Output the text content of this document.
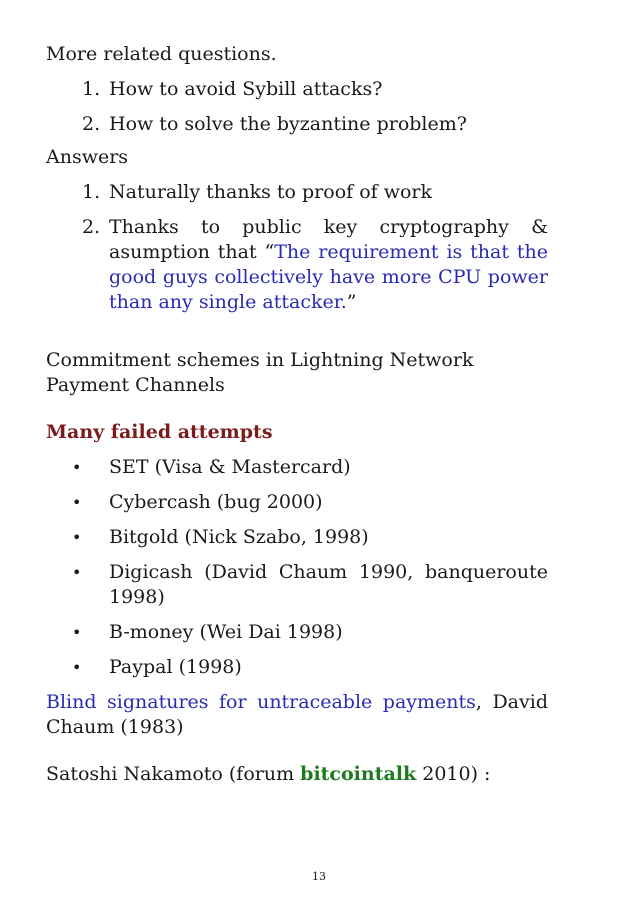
More related questions.

1. How to avoid Sybill attacks?
2. How to solve the byzantine problem?

Answers

1. Naturally thanks to proof of work
2. Thanks to public key cryptography & asumption that “The requirement is that the good guys collectively have more CPU power than any single attacker.”

Commitment schemes in Lightning Network

Payment Channels

Many failed attempts

• SET (Visa & Mastercard)
• Cybercash (bug 2000)
• Bitgold (Nick Szabo, 1998)
• Digicash (David Chaum 1990, banqueroute 1998)
• B-money (Wei Dai 1998)
• Paypal (1998)

Blind signatures for untraceable payments, David Chaum (1983)

Satoshi Nakamoto (forum bitcointalk 2010) :

13
